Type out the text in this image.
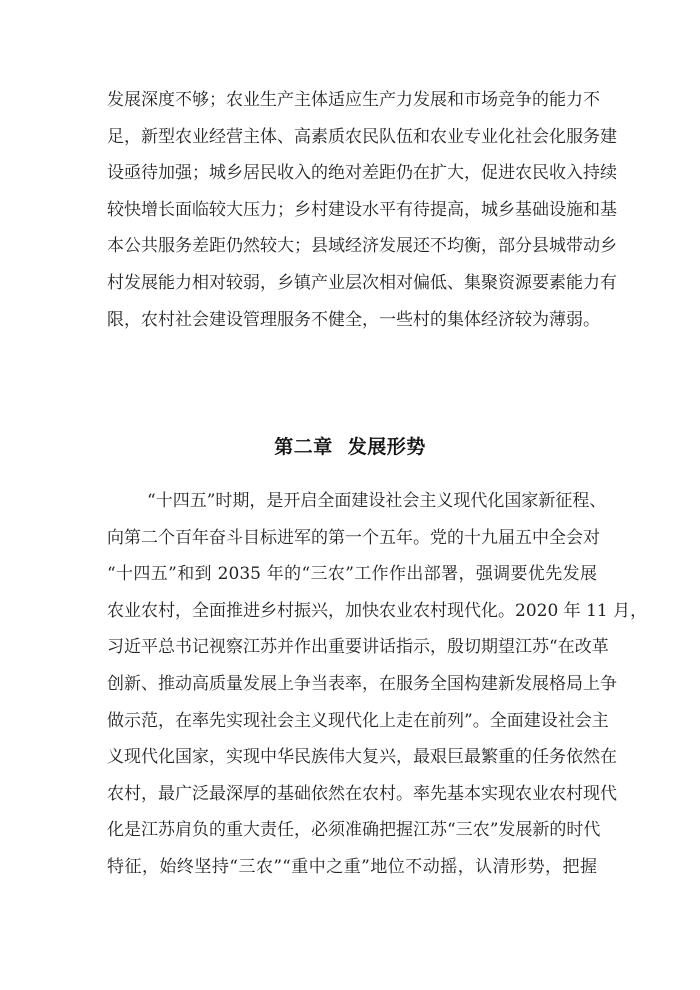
发展深度不够；农业生产主体适应生产力发展和市场竞争的能力不
足，新型农业经营主体、高素质农民队伍和农业专业化社会化服务建
设亟待加强；城乡居民收入的绝对差距仍在扩大，促进农民收入持续
较快增长面临较大压力；乡村建设水平有待提高，城乡基础设施和基
本公共服务差距仍然较大；县域经济发展还不均衡，部分县城带动乡
村发展能力相对较弱，乡镇产业层次相对偏低、集聚资源要素能力有
限，农村社会建设管理服务不健全，一些村的集体经济较为薄弱。
第二章 发展形势
“十四五”时期，是开启全面建设社会主义现代化国家新征程、
向第二个百年奋斗目标进军的第一个五年。党的十九届五中全会对
“十四五”和到 2035 年的“三农”工作作出部署，强调要优先发展
农业农村，全面推进乡村振兴，加快农业农村现代化。2020 年 11 月，
习近平总书记视察江苏并作出重要讲话指示，殷切期望江苏“在改革
创新、推动高质量发展上争当表率，在服务全国构建新发展格局上争
做示范，在率先实现社会主义现代化上走在前列”。全面建设社会主
义现代化国家，实现中华民族伟大复兴，最艰巨最繁重的任务依然在
农村，最广泛最深厚的基础依然在农村。率先基本实现农业农村现代
化是江苏肩负的重大责任，必须准确把握江苏“三农”发展新的时代
特征，始终坚持“三农”“重中之重”地位不动摇，认清形势，把握
